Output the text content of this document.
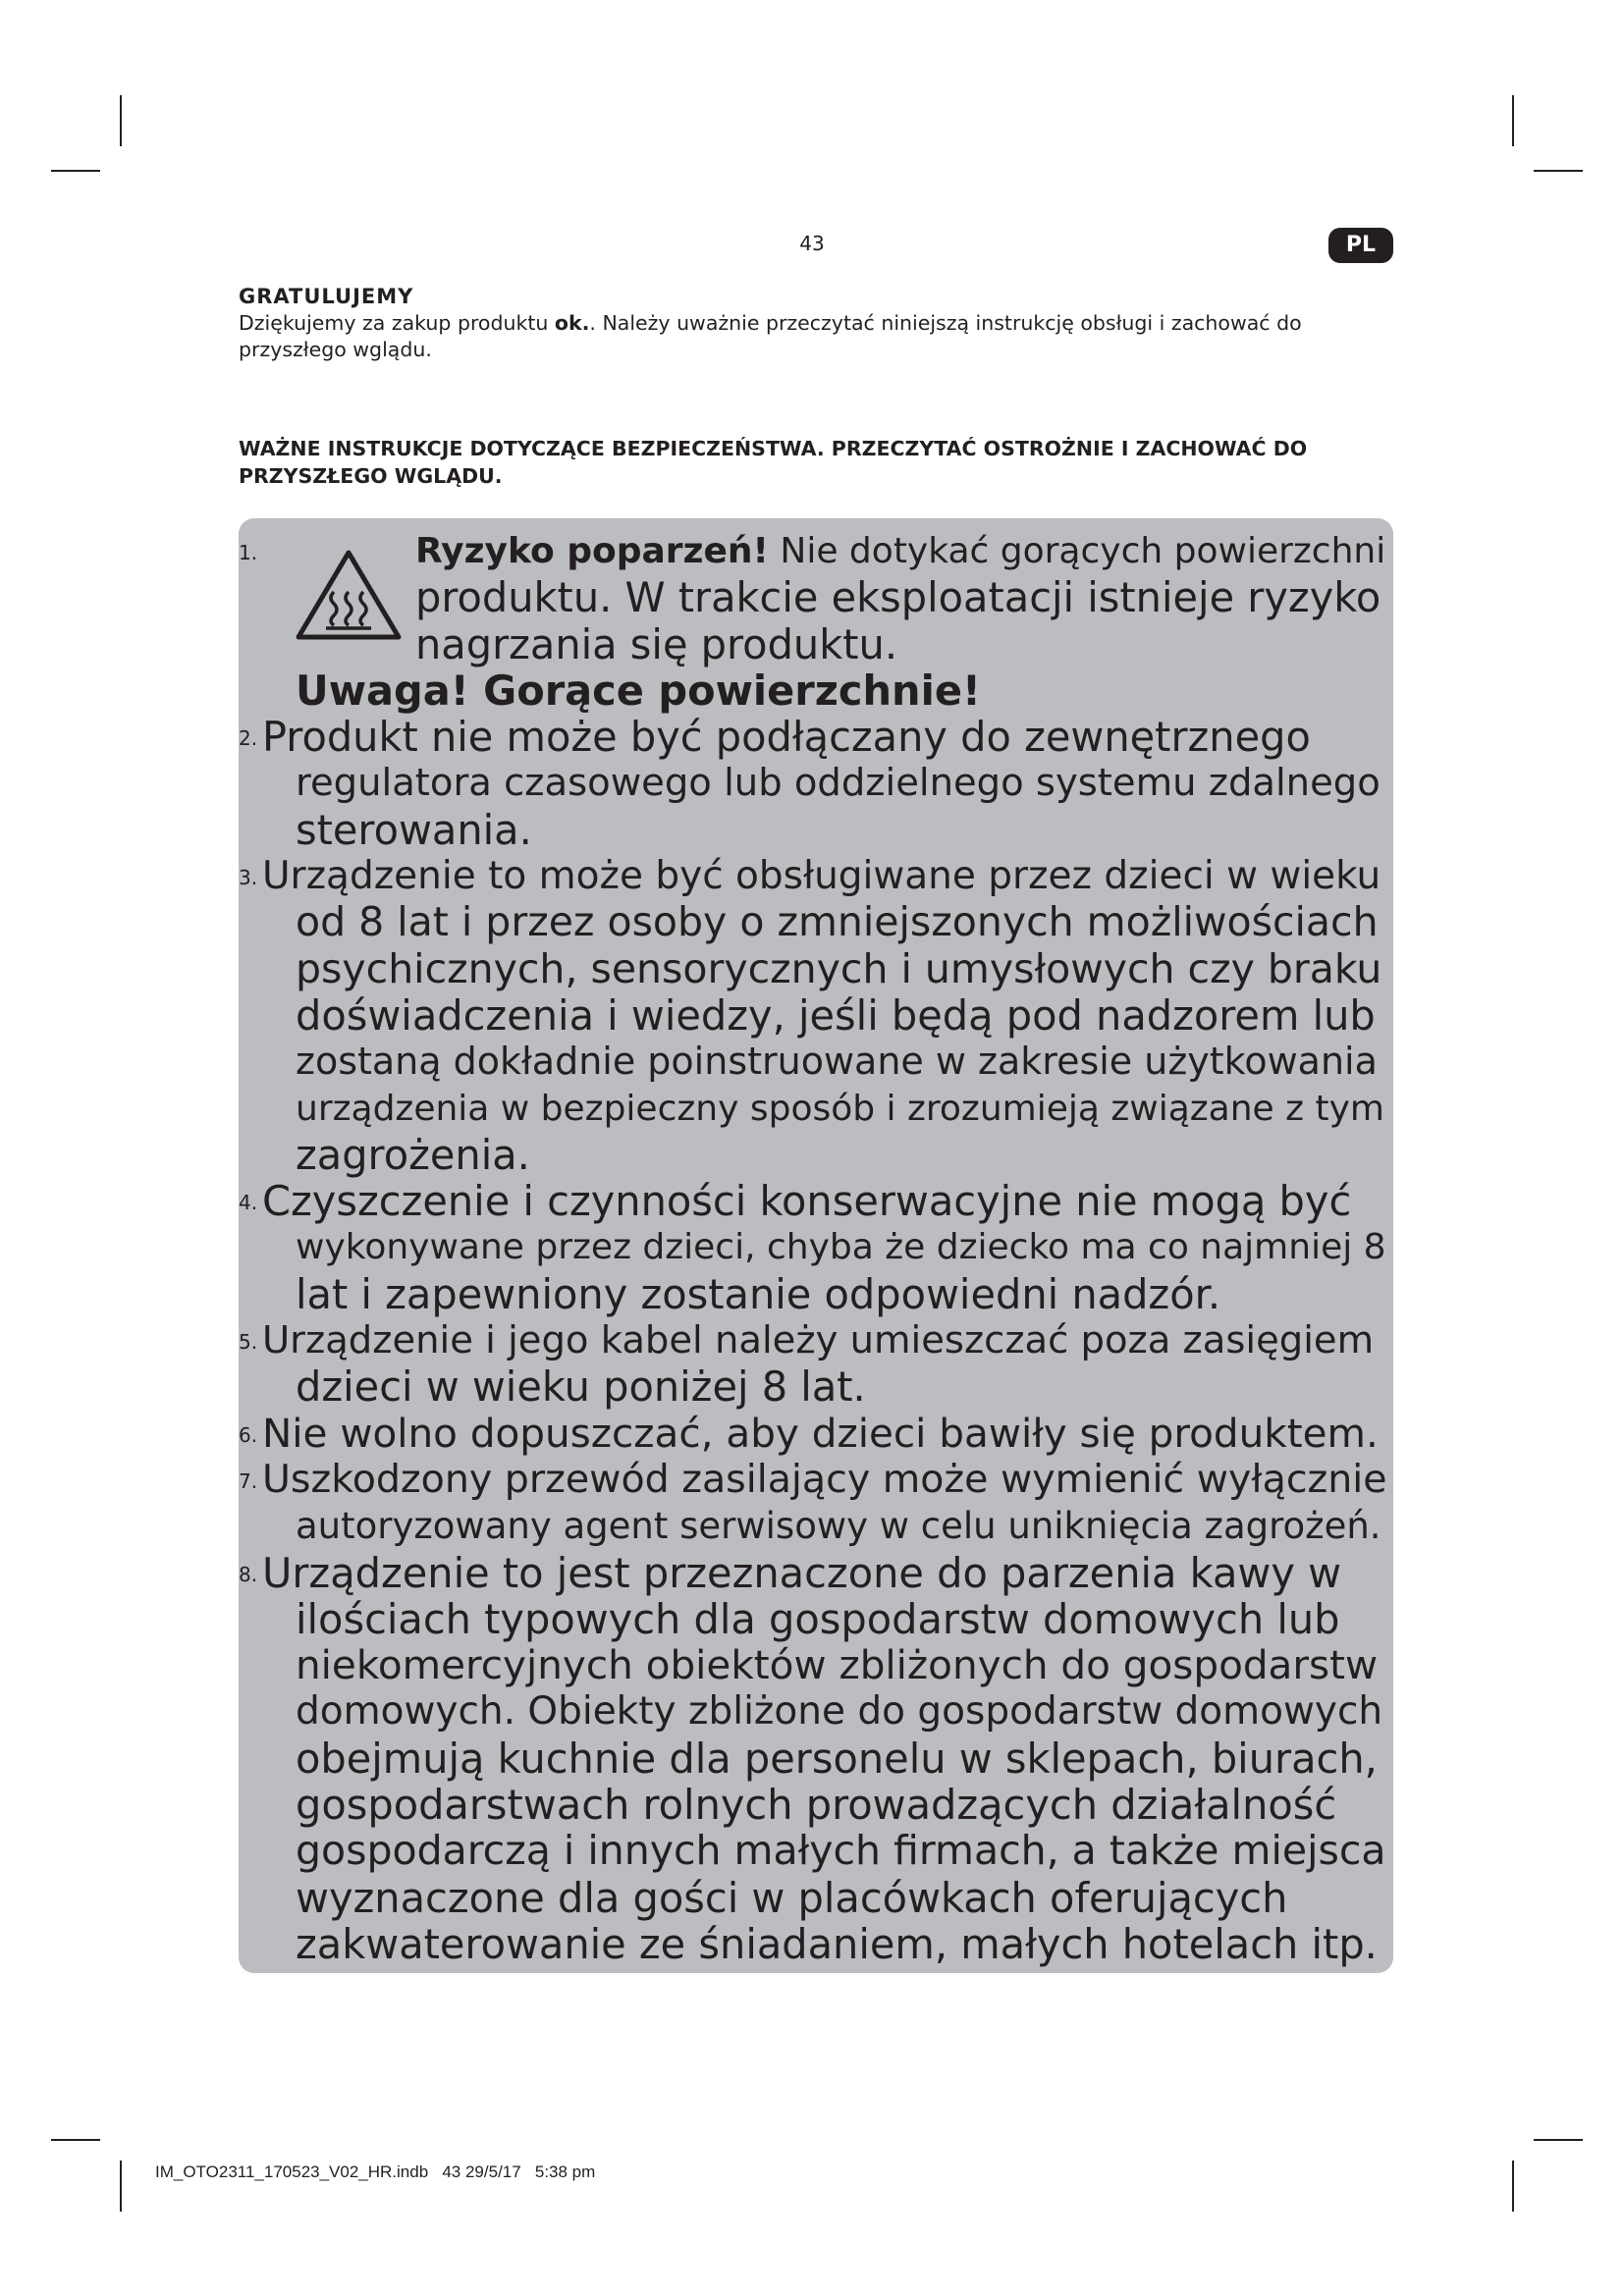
43	PL
GRATULUJEMY
Dziękujemy za zakup produktu ok.. Należy uważnie przeczytać niniejszą instrukcję obsługi i zachować do przyszłego wglądu.
WAŻNE INSTRUKCJE DOTYCZĄCE BEZPIECZEŃSTWA. PRZECZYTAĆ OSTROŻNIE I ZACHOWAĆ DO PRZYSZŁEGO WGLĄDU.
1.	Ryzyko poparzeń! Nie dotykać gorących powierzchni
produktu. W trakcie eksploatacji istnieje ryzyko
nagrzania się produktu.
Uwaga! Gorące powierzchnie!
2. Produkt nie może być podłączany do zewnętrznego
regulatora czasowego lub oddzielnego systemu zdalnego
sterowania.
3. Urządzenie to może być obsługiwane przez dzieci w wieku
od 8 lat i przez osoby o zmniejszonych możliwościach
psychicznych, sensorycznych i umysłowych czy braku
doświadczenia i wiedzy, jeśli będą pod nadzorem lub
zostaną dokładnie poinstruowane w zakresie użytkowania
urządzenia w bezpieczny sposób i zrozumieją związane z tym
zagrożenia.
4. Czyszczenie i czynności konserwacyjne nie mogą być
wykonywane przez dzieci, chyba że dziecko ma co najmniej 8
lat i zapewniony zostanie odpowiedni nadzór.
5. Urządzenie i jego kabel należy umieszczać poza zasięgiem
dzieci w wieku poniżej 8 lat.
6. Nie wolno dopuszczać, aby dzieci bawiły się produktem.
7. Uszkodzony przewód zasilający może wymienić wyłącznie
autoryzowany agent serwisowy w celu uniknięcia zagrożeń.
8. Urządzenie to jest przeznaczone do parzenia kawy w
ilościach typowych dla gospodarstw domowych lub
niekomercyjnych obiektów zbliżonych do gospodarstw
domowych. Obiekty zbliżone do gospodarstw domowych
obejmują kuchnie dla personelu w sklepach, biurach,
gospodarstwach rolnych prowadzących działalność
gospodarczą i innych małych firmach, a także miejsca
wyznaczone dla gości w placówkach oferujących
zakwaterowanie ze śniadaniem, małych hotelach itp.
IM_OTO2311_170523_V02_HR.indb   43 29/5/17   5:38 pm
